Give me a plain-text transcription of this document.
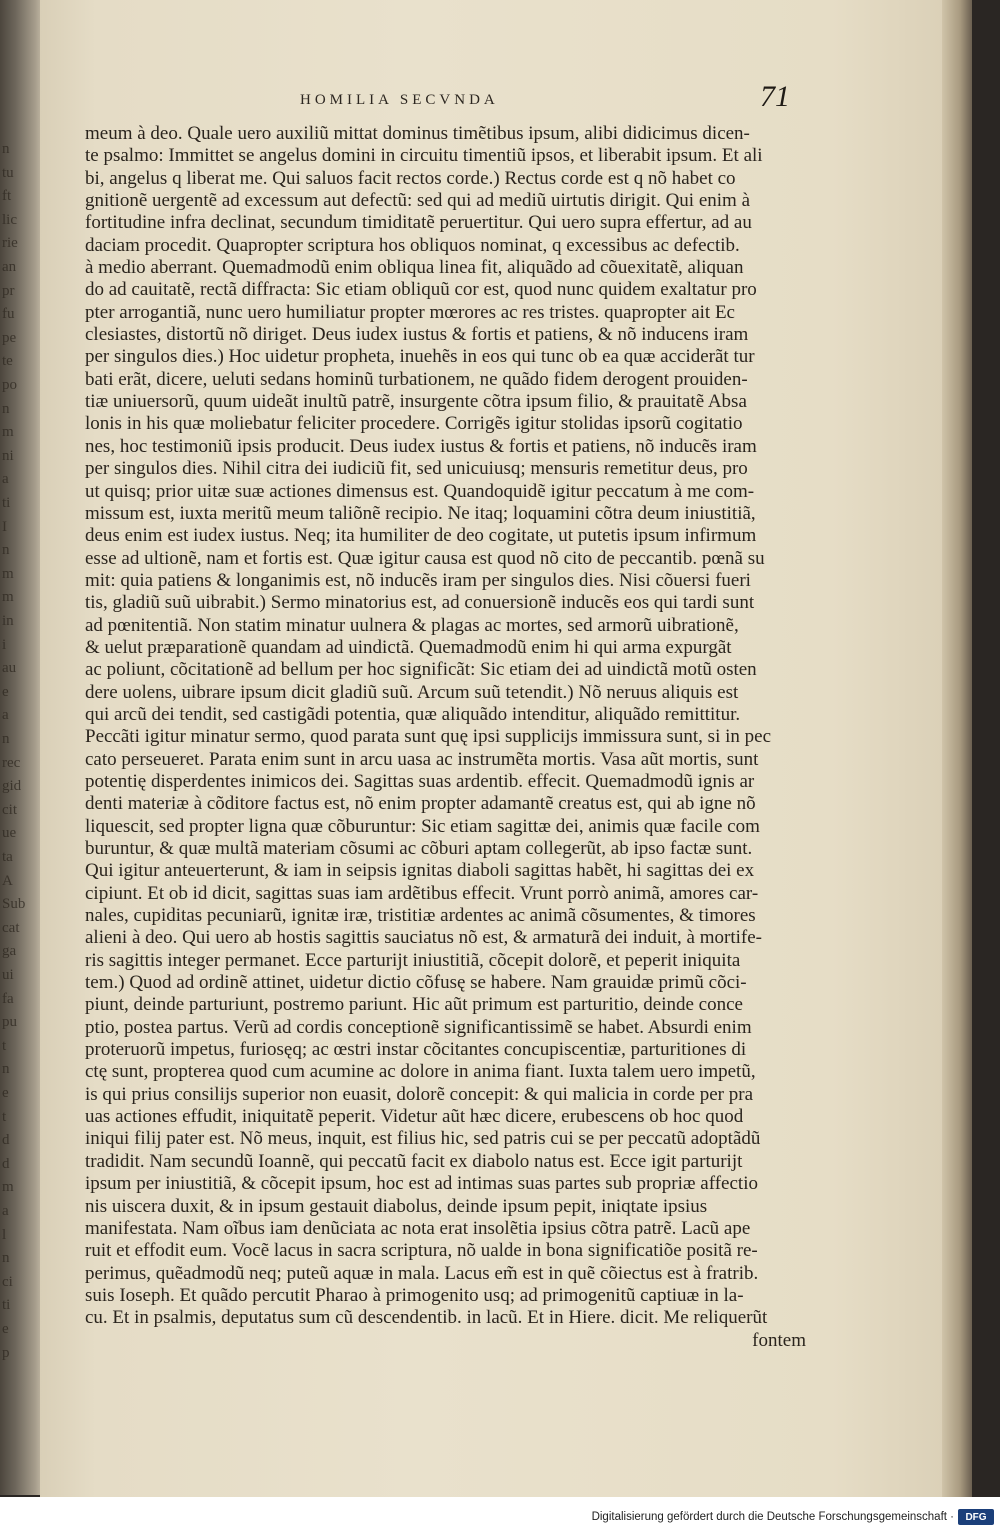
n
tu
ft
lic
rie
an
pr
fu
pe
te
po
n
m
ni
a
ti
I
n
m
m
in
i
au
e
a
n
rec
gid
cit
ue
ta
A
Sub
cat
ga
ui
fa
pu
t
n
e
t
d
d
m
a
l
n
ci
ti
e
p
HOMILIA SECVNDA	71
meum à deo. Quale uero auxiliũ mittat dominus timẽtibus ipsum, alibi didicimus dicen-
te psalmo: Immittet se angelus domini in circuitu timentiũ ipsos, et liberabit ipsum. Et ali
bi, angelus q liberat me. Qui saluos facit rectos corde.) Rectus corde est q nõ habet co
gnitionẽ uergentẽ ad excessum aut defectũ: sed qui ad mediũ uirtutis dirigit. Qui enim à
fortitudine infra declinat, secundum timiditatẽ peruertitur. Qui uero supra effertur, ad au
daciam procedit. Quapropter scriptura hos obliquos nominat, q excessibus ac defectib.
à medio aberrant. Quemadmodũ enim obliqua linea fit, aliquãdo ad cõuexitatẽ, aliquan
do ad cauitatẽ, rectã diffracta: Sic etiam obliquũ cor est, quod nunc quidem exaltatur pro
pter arrogantiã, nunc uero humiliatur propter mœrores ac res tristes. quapropter ait Ec
clesiastes, distortũ nõ diriget. Deus iudex iustus & fortis et patiens, & nõ inducens iram
per singulos dies.) Hoc uidetur propheta, inuehẽs in eos qui tunc ob ea quæ acciderãt tur
bati erãt, dicere, ueluti sedans hominũ turbationem, ne quãdo fidem derogent prouiden-
tiæ uniuersorũ, quum uideãt inultũ patrẽ, insurgente cõtra ipsum filio, & prauitatẽ Absa
lonis in his quæ moliebatur feliciter procedere. Corrigẽs igitur stolidas ipsorũ cogitatio
nes, hoc testimoniũ ipsis producit. Deus iudex iustus & fortis et patiens, nõ inducẽs iram
per singulos dies. Nihil citra dei iudiciũ fit, sed unicuiusq; mensuris remetitur deus, pro
ut quisq; prior uitæ suæ actiones dimensus est. Quandoquidẽ igitur peccatum à me com-
missum est, iuxta meritũ meum taliõnẽ recipio. Ne itaq; loquamini cõtra deum iniustitiã,
deus enim est iudex iustus. Neq; ita humiliter de deo cogitate, ut putetis ipsum infirmum
esse ad ultionẽ, nam et fortis est. Quæ igitur causa est quod nõ cito de peccantib. pœnã su
mit: quia patiens & longanimis est, nõ inducẽs iram per singulos dies. Nisi cõuersi fueri
tis, gladiũ suũ uibrabit.) Sermo minatorius est, ad conuersionẽ inducẽs eos qui tardi sunt
ad pœnitentiã. Non statim minatur uulnera & plagas ac mortes, sed armorũ uibrationẽ,
& uelut præparationẽ quandam ad uindictã. Quemadmodũ enim hi qui arma expurgãt
ac poliunt, cõcitationẽ ad bellum per hoc significãt: Sic etiam dei ad uindictã motũ osten
dere uolens, uibrare ipsum dicit gladiũ suũ. Arcum suũ tetendit.) Nõ neruus aliquis est
qui arcũ dei tendit, sed castigãdi potentia, quæ aliquãdo intenditur, aliquãdo remittitur.
Peccãti igitur minatur sermo, quod parata sunt quę ipsi supplicijs immissura sunt, si in pec
cato perseueret. Parata enim sunt in arcu uasa ac instrumẽta mortis. Vasa aũt mortis, sunt
potentię disperdentes inimicos dei. Sagittas suas ardentib. effecit. Quemadmodũ ignis ar
denti materiæ à cõditore factus est, nõ enim propter adamantẽ creatus est, qui ab igne nõ
liquescit, sed propter ligna quæ cõburuntur: Sic etiam sagittæ dei, animis quæ facile com
buruntur, & quæ multã materiam cõsumi ac cõburi aptam collegerũt, ab ipso factæ sunt.
Qui igitur anteuerterunt, & iam in seipsis ignitas diaboli sagittas habẽt, hi sagittas dei ex
cipiunt. Et ob id dicit, sagittas suas iam ardẽtibus effecit. Vrunt porrò animã, amores car-
nales, cupiditas pecuniarũ, ignitæ iræ, tristitiæ ardentes ac animã cõsumentes, & timores
alieni à deo. Qui uero ab hostis sagittis sauciatus nõ est, & armaturã dei induit, à mortife-
ris sagittis integer permanet. Ecce parturijt iniustitiã, cõcepit dolorẽ, et peperit iniquita
tem.) Quod ad ordinẽ attinet, uidetur dictio cõfusę se habere. Nam grauidæ primũ cõci-
piunt, deinde parturiunt, postremo pariunt. Hic aũt primum est parturitio, deinde conce
ptio, postea partus. Verũ ad cordis conceptionẽ significantissimẽ se habet. Absurdi enim
proteruorũ impetus, furiosęq; ac œstri instar cõcitantes concupiscentiæ, parturitiones di
ctę sunt, propterea quod cum acumine ac dolore in anima fiant. Iuxta talem uero impetũ,
is qui prius consilijs superior non euasit, dolorẽ concepit: & qui malicia in corde per pra
uas actiones effudit, iniquitatẽ peperit. Videtur aũt hæc dicere, erubescens ob hoc quod
iniqui filij pater est. Nõ meus, inquit, est filius hic, sed patris cui se per peccatũ adoptãdũ
tradidit. Nam secundũ Ioannẽ, qui peccatũ facit ex diabolo natus est. Ecce igit parturijt
ipsum per iniustitiã, & cõcepit ipsum, hoc est ad intimas suas partes sub propriæ affectio
nis uiscera duxit, & in ipsum gestauit diabolus, deinde ipsum pepit, iniqtate ipsius
manifestata. Nam oĩbus iam denũciata ac nota erat insolẽtia ipsius cõtra patrẽ. Lacũ ape
ruit et effodit eum. Vocẽ lacus in sacra scriptura, nõ ualde in bona significatiõe positã re-
perimus, quẽadmodũ neq; puteũ aquæ in mala. Lacus em̃ est in quẽ cõiectus est à fratrib.
suis Ioseph. Et quãdo percutit Pharao à primogenito usq; ad primogenitũ captiuæ in la-
cu. Et in psalmis, deputatus sum cũ descendentib. in lacũ. Et in Hiere. dicit. Me reliquerũt
fontem
Digitalisierung gefördert durch die Deutsche Forschungsgemeinschaft ·	DFG
